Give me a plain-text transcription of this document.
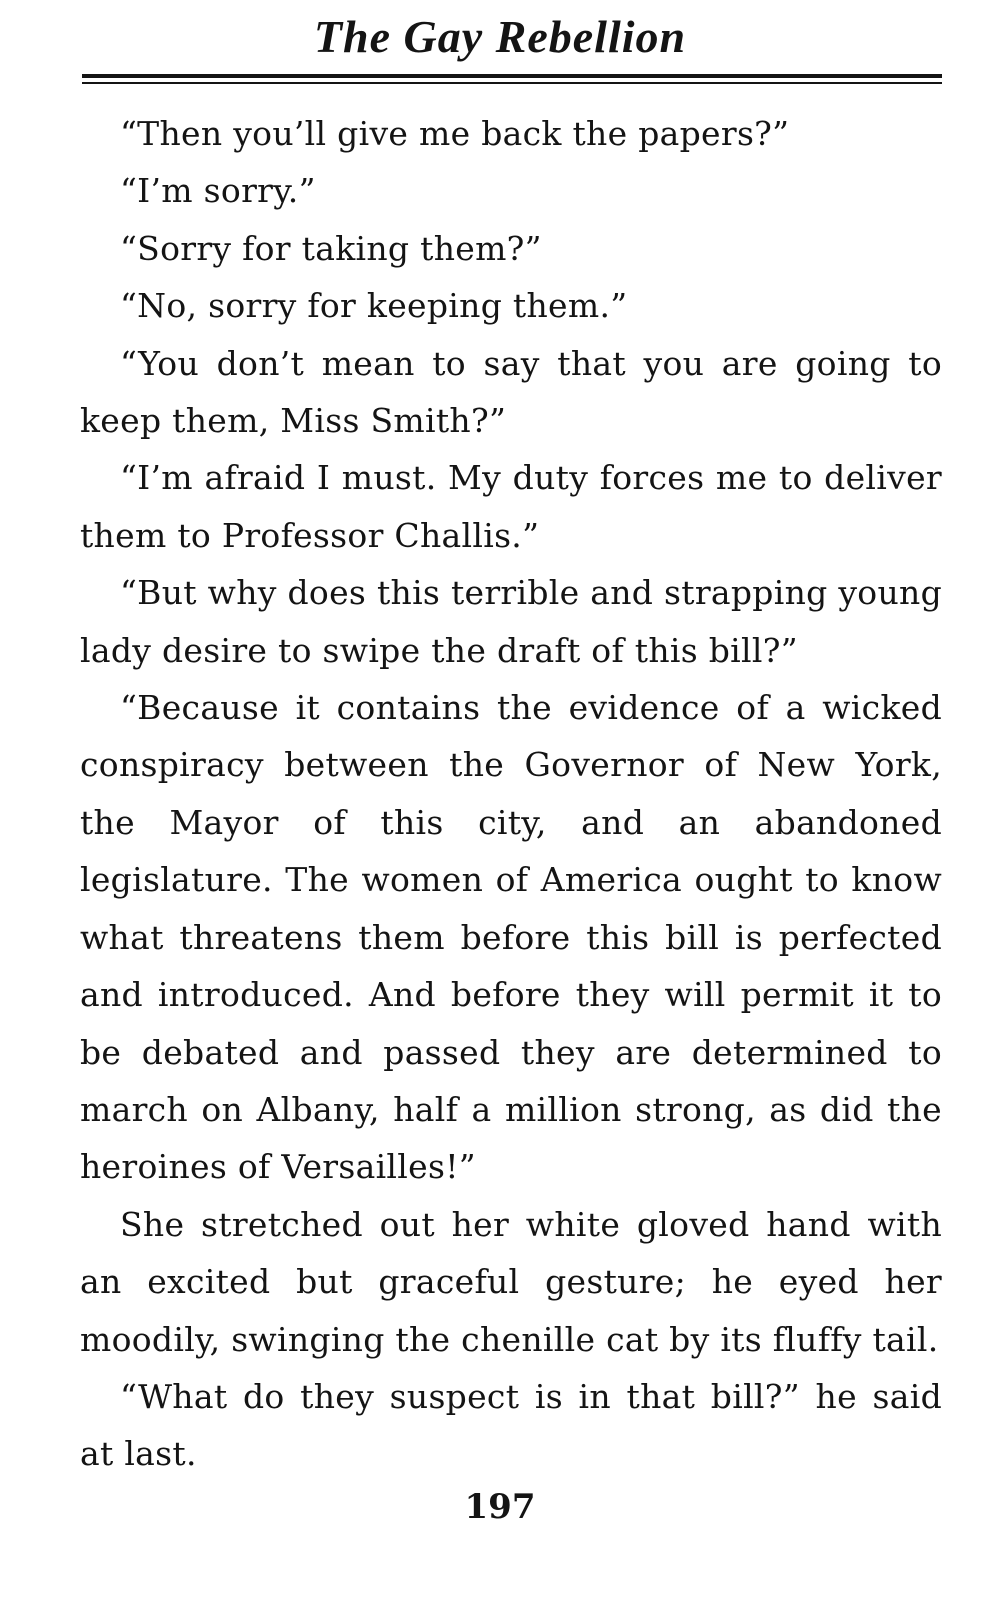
The Gay Rebellion

“Then you’ll give me back the papers?”

“I’m sorry.”

“Sorry for taking them?”

“No, sorry for keeping them.”

“You don’t mean to say that you are going to keep them, Miss Smith?”

“I’m afraid I must. My duty forces me to deliver them to Professor Challis.”

“But why does this terrible and strapping young lady desire to swipe the draft of this bill?”

“Because it contains the evidence of a wicked conspiracy between the Governor of New York, the Mayor of this city, and an abandoned legislature. The women of America ought to know what threatens them before this bill is perfected and introduced. And before they will permit it to be debated and passed they are determined to march on Albany, half a million strong, as did the heroines of Versailles!”

She stretched out her white gloved hand with an excited but graceful gesture; he eyed her moodily, swinging the chenille cat by its fluffy tail.

“What do they suspect is in that bill?” he said at last.

197
